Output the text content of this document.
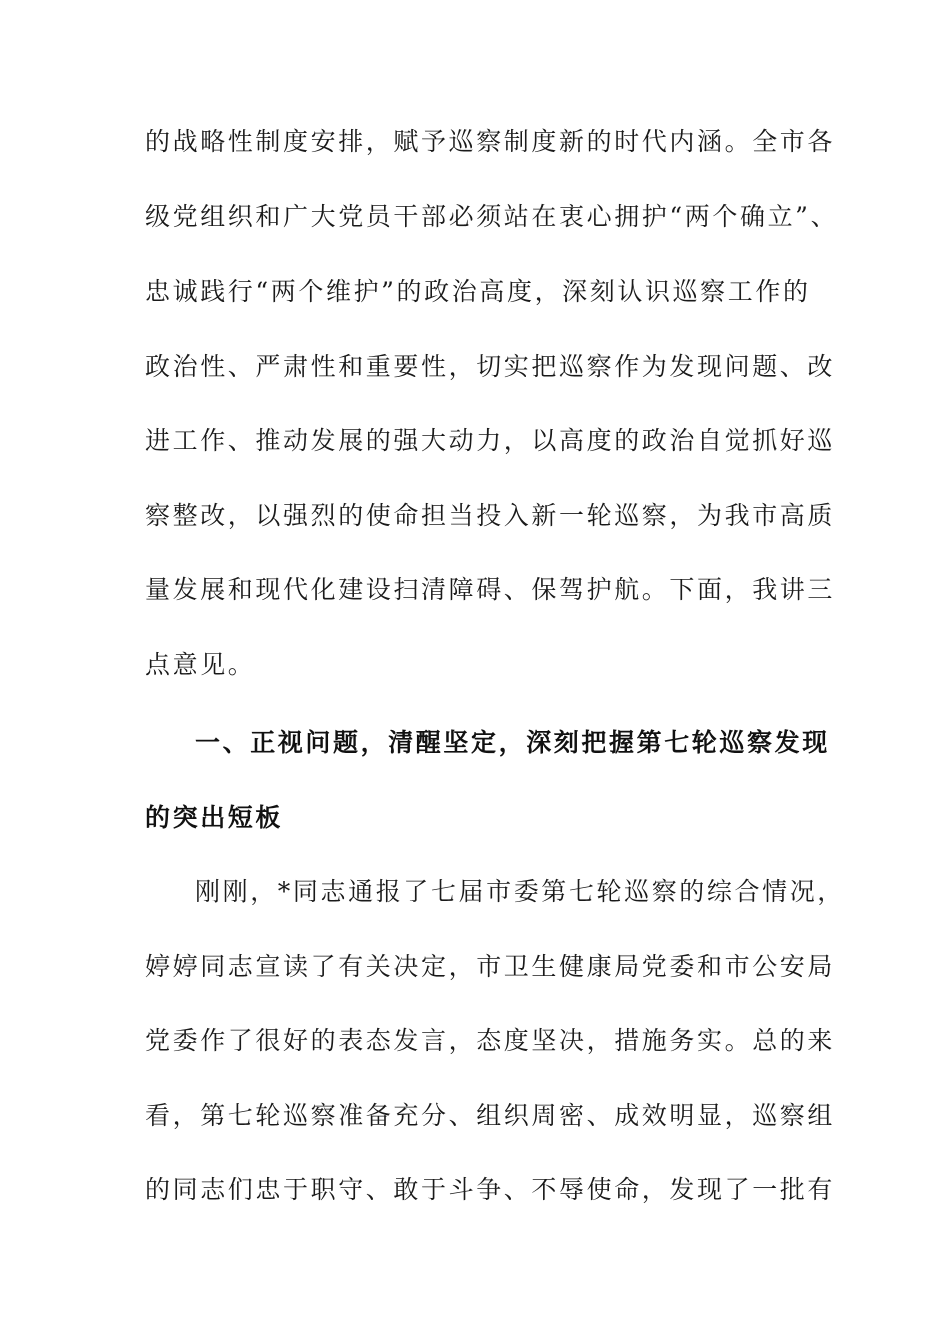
的战略性制度安排，赋予巡察制度新的时代内涵。全市各
级党组织和广大党员干部必须站在衷心拥护“两个确立”、
忠诚践行“两个维护”的政治高度，深刻认识巡察工作的
政治性、严肃性和重要性，切实把巡察作为发现问题、改
进工作、推动发展的强大动力，以高度的政治自觉抓好巡
察整改，以强烈的使命担当投入新一轮巡察，为我市高质
量发展和现代化建设扫清障碍、保驾护航。下面，我讲三
点意见。
一、正视问题，清醒坚定，深刻把握第七轮巡察发现
的突出短板
刚刚，*同志通报了七届市委第七轮巡察的综合情况，
婷婷同志宣读了有关决定，市卫生健康局党委和市公安局
党委作了很好的表态发言，态度坚决，措施务实。总的来
看，第七轮巡察准备充分、组织周密、成效明显，巡察组
的同志们忠于职守、敢于斗争、不辱使命，发现了一批有
